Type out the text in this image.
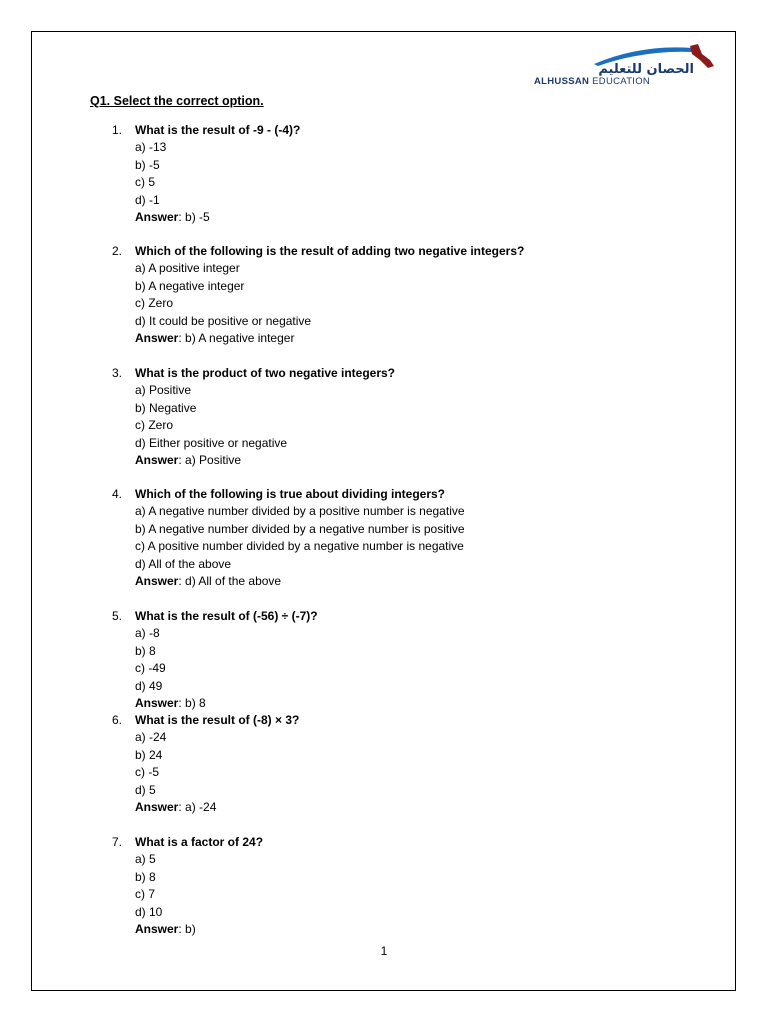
الحصان للتعليم
ALHUSSAN EDUCATION
Q1. Select the correct option.
1.	What is the result of -9 - (-4)?
a) -13
b) -5
c) 5
d) -1
Answer: b) -5
2.	Which of the following is the result of adding two negative integers?
a) A positive integer
b) A negative integer
c) Zero
d) It could be positive or negative
Answer: b) A negative integer
3.	What is the product of two negative integers?
a) Positive
b) Negative
c) Zero
d) Either positive or negative
Answer: a) Positive
4.	Which of the following is true about dividing integers?
a) A negative number divided by a positive number is negative
b) A negative number divided by a negative number is positive
c) A positive number divided by a negative number is negative
d) All of the above
Answer: d) All of the above
5.	What is the result of (-56) ÷ (-7)?
a) -8
b) 8
c) -49
d) 49
Answer: b) 8
6.	What is the result of (-8) × 3?
a) -24
b) 24
c) -5
d) 5
Answer: a) -24
7.	What is a factor of 24?
a) 5
b) 8
c) 7
d) 10
Answer: b)
1
